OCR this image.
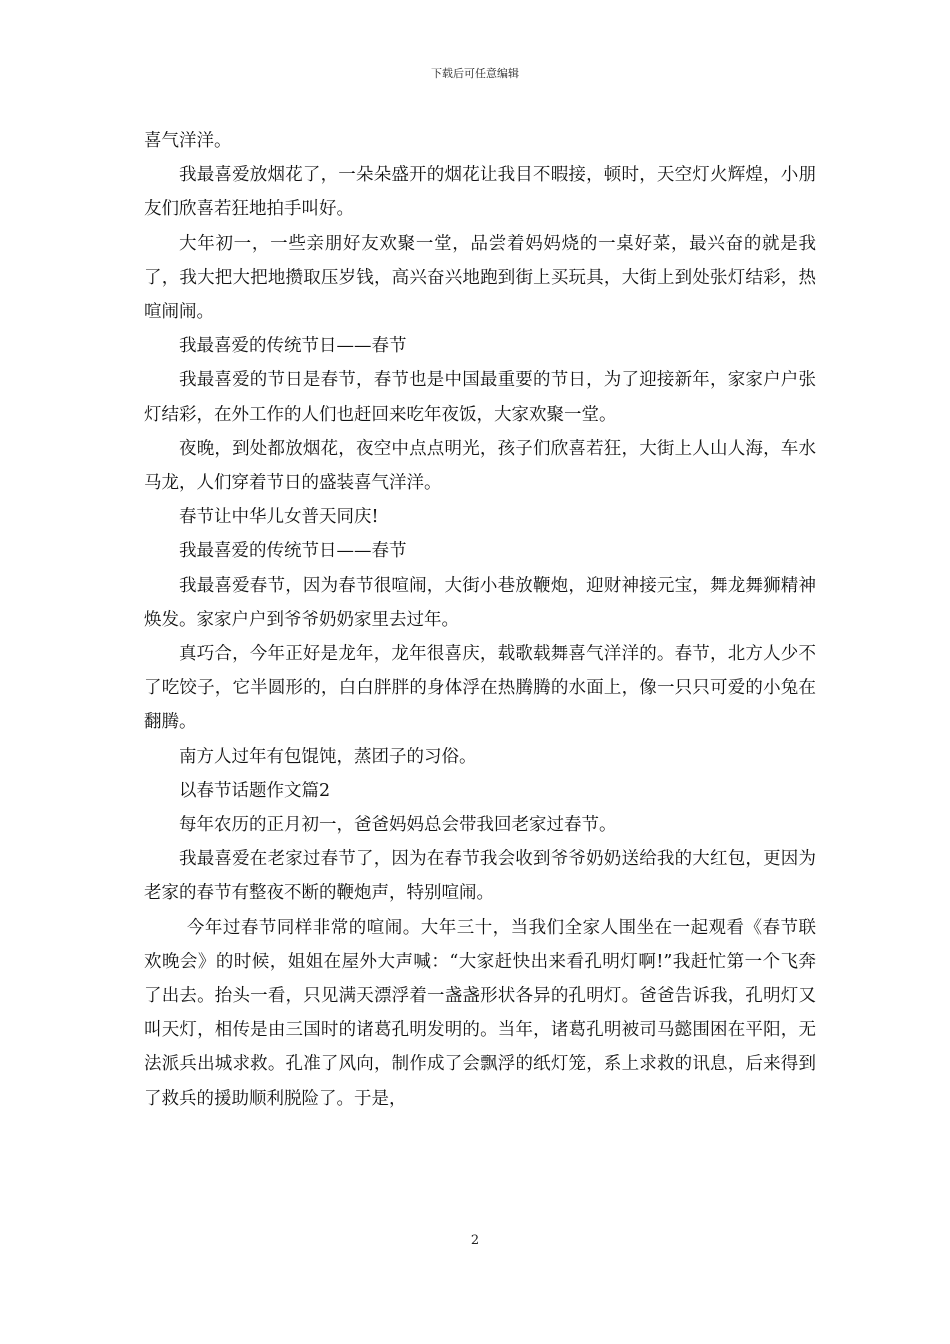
下载后可任意编辑

喜气洋洋。

我最喜爱放烟花了，一朵朵盛开的烟花让我目不暇接，顿时，天空灯火辉煌，小朋友们欣喜若狂地拍手叫好。

大年初一，一些亲朋好友欢聚一堂，品尝着妈妈烧的一桌好菜，最兴奋的就是我了，我大把大把地攒取压岁钱，高兴奋兴地跑到街上买玩具，大街上到处张灯结彩，热喧闹闹。

我最喜爱的传统节日——春节

我最喜爱的节日是春节，春节也是中国最重要的节日，为了迎接新年，家家户户张灯结彩，在外工作的人们也赶回来吃年夜饭，大家欢聚一堂。

夜晚，到处都放烟花，夜空中点点明光，孩子们欣喜若狂，大街上人山人海，车水马龙，人们穿着节日的盛装喜气洋洋。

春节让中华儿女普天同庆!

我最喜爱的传统节日——春节

我最喜爱春节，因为春节很喧闹，大街小巷放鞭炮，迎财神接元宝，舞龙舞狮精神焕发。家家户户到爷爷奶奶家里去过年。

真巧合，今年正好是龙年，龙年很喜庆，载歌载舞喜气洋洋的。春节，北方人少不了吃饺子，它半圆形的，白白胖胖的身体浮在热腾腾的水面上，像一只只可爱的小兔在翻腾。

南方人过年有包馄饨，蒸团子的习俗。

以春节话题作文篇2

每年农历的正月初一，爸爸妈妈总会带我回老家过春节。

我最喜爱在老家过春节了，因为在春节我会收到爷爷奶奶送给我的大红包，更因为老家的春节有整夜不断的鞭炮声，特别喧闹。

今年过春节同样非常的喧闹。大年三十，当我们全家人围坐在一起观看《春节联欢晚会》的时候，姐姐在屋外大声喊：“大家赶快出来看孔明灯啊!”我赶忙第一个飞奔了出去。抬头一看，只见满天漂浮着一盏盏形状各异的孔明灯。爸爸告诉我，孔明灯又叫天灯，相传是由三国时的诸葛孔明发明的。当年，诸葛孔明被司马懿围困在平阳，无法派兵出城求救。孔准了风向，制作成了会飘浮的纸灯笼，系上求救的讯息，后来得到了救兵的援助顺利脱险了。于是，

2
